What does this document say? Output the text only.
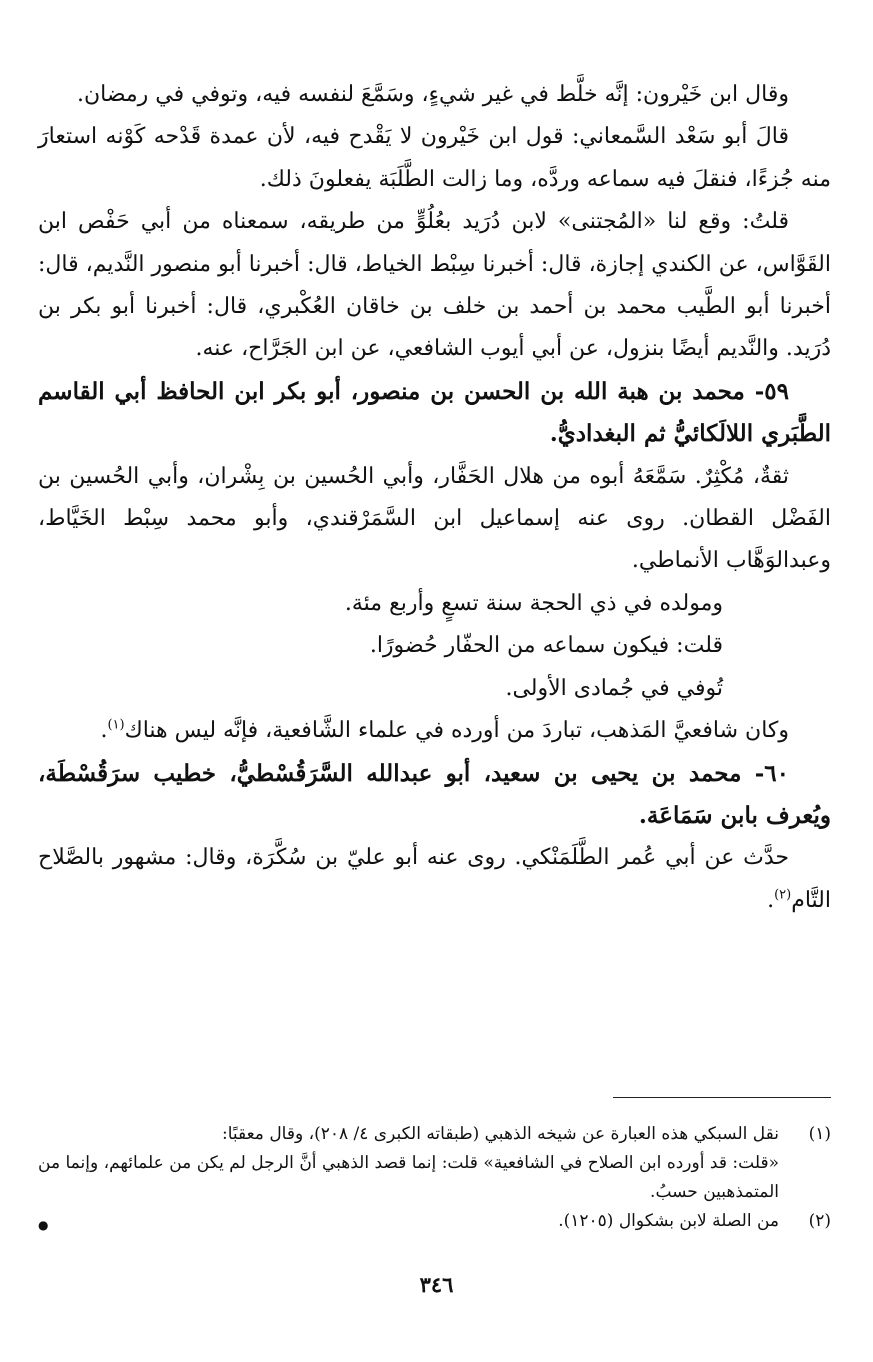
وقال ابن خَيْرون: إنَّه خلَّط في غير شيءٍ، وسَمَّعَ لنفسه فيه، وتوفي في رمضان.

قالَ أبو سَعْد السَّمعاني: قول ابن خَيْرون لا يَقْدح فيه، لأن عمدة قَدْحه كَوْنه استعارَ منه جُزءًا، فنقلَ فيه سماعه وردَّه، وما زالت الطَّلَبَة يفعلونَ ذلك.

قلتُ: وقع لنا «المُجتنى» لابن دُرَيد بعُلُوٍّ من طريقه، سمعناه من أبي حَفْص ابن القَوَّاس، عن الكندي إجازة، قال: أخبرنا سِبْط الخياط، قال: أخبرنا أبو منصور النَّديم، قال: أخبرنا أبو الطَّيب محمد بن أحمد بن خلف بن خاقان العُكْبري، قال: أخبرنا أبو بكر بن دُرَيد. والنَّديم أيضًا بنزول، عن أبي أيوب الشافعي، عن ابن الجَرَّاح، عنه.

٥٩- محمد بن هبة الله بن الحسن بن منصور، أبو بكر ابن الحافظ أبي القاسم الطَّبَري اللالَكائيُّ ثم البغداديُّ.

ثقةٌ، مُكْثِرٌ. سَمَّعَهُ أبوه من هلال الحَفَّار، وأبي الحُسين بن بِشْران، وأبي الحُسين بن الفَضْل القطان. روى عنه إسماعيل ابن السَّمَرْقندي، وأبو محمد سِبْط الخَيَّاط، وعبدالوَهَّاب الأنماطي.

ومولده في ذي الحجة سنة تسعٍ وأربع مئة.

قلت: فيكون سماعه من الحفّار حُضورًا.

تُوفي في جُمادى الأولى.

وكان شافعيَّ المَذهب، تباردَ من أورده في علماء الشَّافعية، فإنَّه ليس هناك$^{(١)}$.

٦٠- محمد بن يحيى بن سعيد، أبو عبدالله السَّرَقُسْطيُّ، خطيب سرَقُسْطَة، ويُعرف بابن سَمَاعَة.

حدَّث عن أبي عُمر الطَّلَمَنْكي. روى عنه أبو عليّ بن سُكَّرَة، وقال: مشهور بالصَّلاح التَّام$^{(٢)}$.

(١)
نقل السبكي هذه العبارة عن شيخه الذهبي (طبقاته الكبرى ٤/ ٢٠٨)، وقال معقبًا:

«قلت: قد أورده ابن الصلاح في الشافعية» قلت: إنما قصد الذهبي أنَّ الرجل لم يكن من علمائهم، وإنما من المتمذهبين حسبُ.

(٢)
من الصلة لابن بشكوال (١٢٠٥).
●
٣٤٦
